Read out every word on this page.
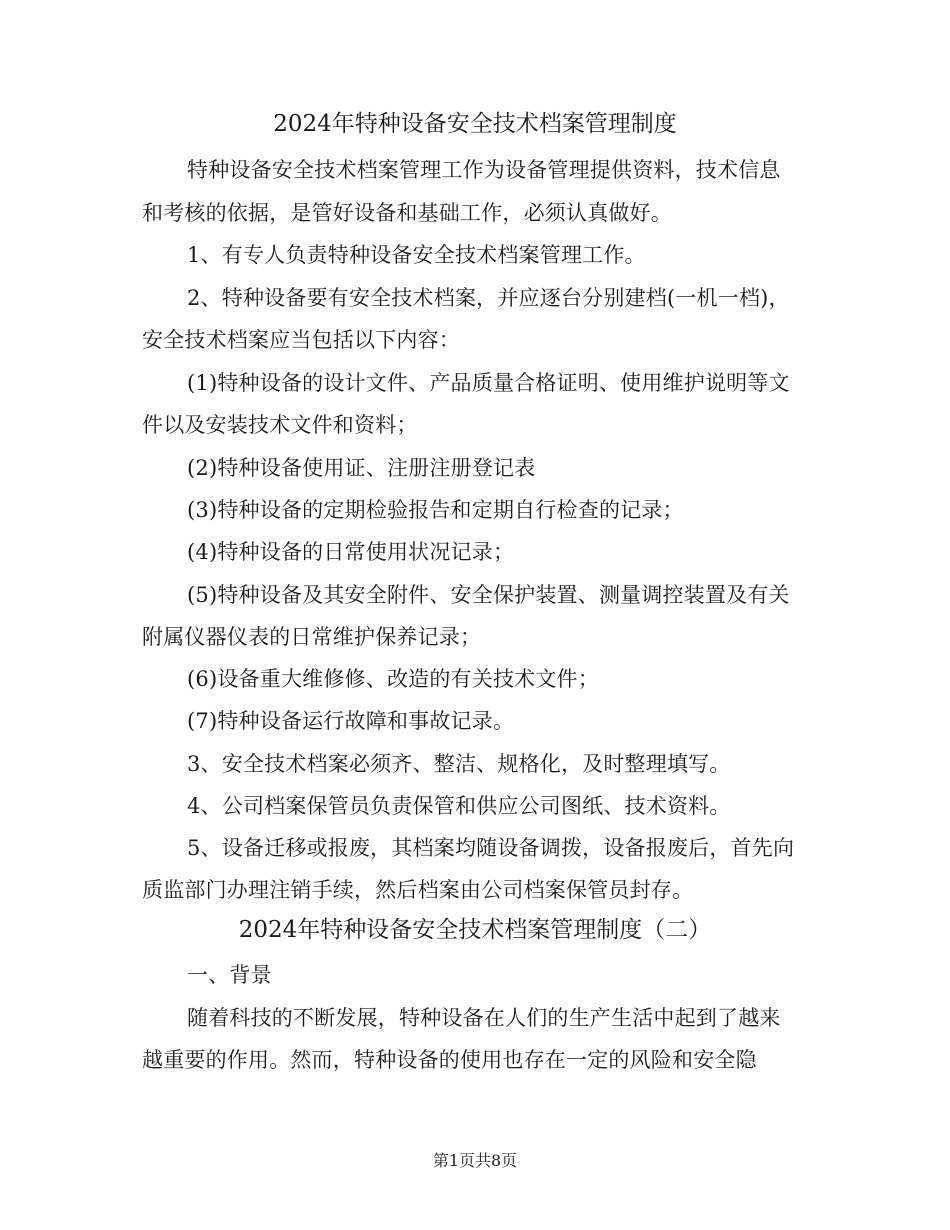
2024年特种设备安全技术档案管理制度
特种设备安全技术档案管理工作为设备管理提供资料，技术信息
和考核的依据，是管好设备和基础工作，必须认真做好。
1、有专人负责特种设备安全技术档案管理工作。
2、特种设备要有安全技术档案，并应逐台分别建档(一机一档)，
安全技术档案应当包括以下内容：
(1)特种设备的设计文件、产品质量合格证明、使用维护说明等文
件以及安装技术文件和资料；
(2)特种设备使用证、注册注册登记表
(3)特种设备的定期检验报告和定期自行检查的记录；
(4)特种设备的日常使用状况记录；
(5)特种设备及其安全附件、安全保护装置、测量调控装置及有关
附属仪器仪表的日常维护保养记录；
(6)设备重大维修修、改造的有关技术文件；
(7)特种设备运行故障和事故记录。
3、安全技术档案必须齐、整洁、规格化，及时整理填写。
4、公司档案保管员负责保管和供应公司图纸、技术资料。
5、设备迁移或报废，其档案均随设备调拨，设备报废后，首先向
质监部门办理注销手续，然后档案由公司档案保管员封存。
2024年特种设备安全技术档案管理制度（二）
一、背景
随着科技的不断发展，特种设备在人们的生产生活中起到了越来
越重要的作用。然而，特种设备的使用也存在一定的风险和安全隐
第1页共8页
